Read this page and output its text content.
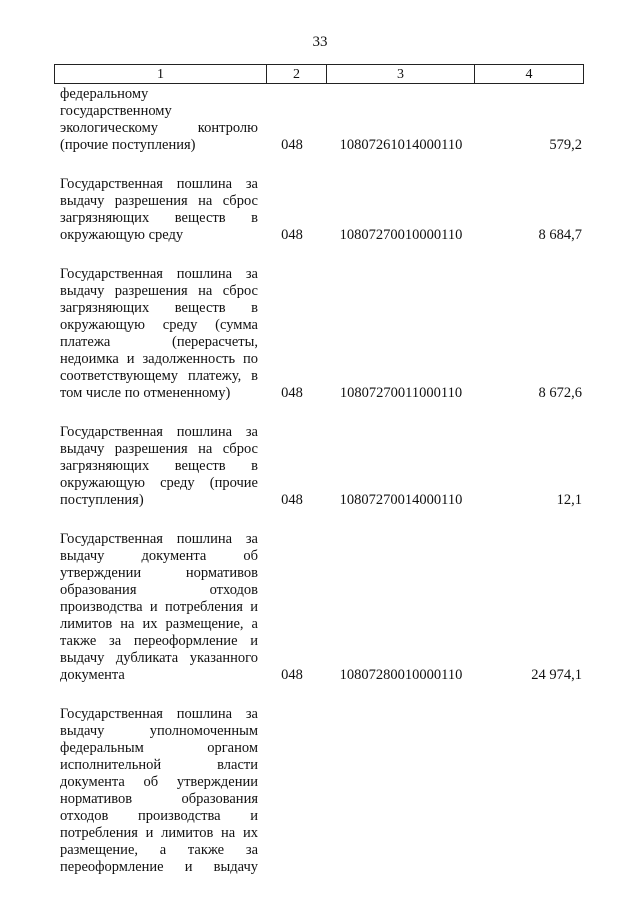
33
1	2	3	4
федеральному государственному экологическому контролю (прочие поступления)	048	10807261014000110	579,2
Государственная пошлина за выдачу разрешения на сброс загрязняющих веществ в окружающую среду	048	10807270010000110	8 684,7
Государственная пошлина за выдачу разрешения на сброс загрязняющих веществ в окружающую среду (сумма платежа (перерасчеты, недоимка и задолженность по соответствующему платежу, в том числе по отмененному)	048	10807270011000110	8 672,6
Государственная пошлина за выдачу разрешения на сброс загрязняющих веществ в окружающую среду (прочие поступления)	048	10807270014000110	12,1
Государственная пошлина за выдачу документа об утверждении нормативов образования отходов производства и потребления и лимитов на их размещение, а также за переоформление и выдачу дубликата указанного документа	048	10807280010000110	24 974,1
Государственная пошлина за выдачу уполномоченным федеральным органом исполнительной власти документа об утверждении нормативов образования отходов производства и потребления и лимитов на их размещение, а также за переоформление и выдачу
